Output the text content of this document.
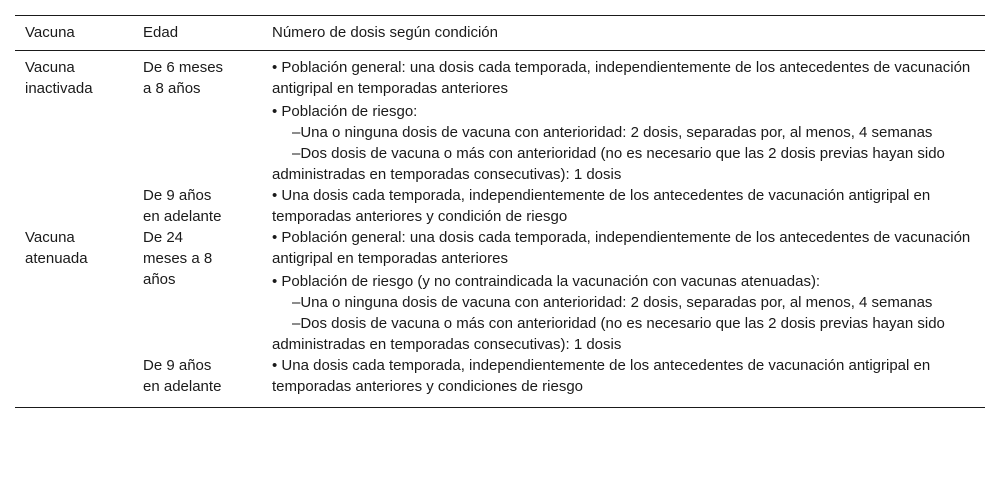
Vacuna	Edad	Número de dosis según condición
Vacuna
inactivada
De 6 meses
a 8 años

• Población general: una dosis cada temporada, independientemente de los antecedentes de vacunación antigripal en temporadas anteriores

• Población de riesgo:

–Una o ninguna dosis de vacuna con anterioridad: 2 dosis, separadas por, al menos, 4 semanas

–Dos dosis de vacuna o más con anterioridad (no es necesario que las 2 dosis previas hayan sido administradas en temporadas consecutivas): 1 dosis

De 9 años
en adelante

• Una dosis cada temporada, independientemente de los antecedentes de vacunación antigripal en temporadas anteriores y condición de riesgo

Vacuna
atenuada
De 24
meses a 8
años

• Población general: una dosis cada temporada, independientemente de los antecedentes de vacunación antigripal en temporadas anteriores

• Población de riesgo (y no contraindicada la vacunación con vacunas atenuadas):

–Una o ninguna dosis de vacuna con anterioridad: 2 dosis, separadas por, al menos, 4 semanas

–Dos dosis de vacuna o más con anterioridad (no es necesario que las 2 dosis previas hayan sido administradas en temporadas consecutivas): 1 dosis

De 9 años
en adelante

• Una dosis cada temporada, independientemente de los antecedentes de vacunación antigripal en temporadas anteriores y condiciones de riesgo
